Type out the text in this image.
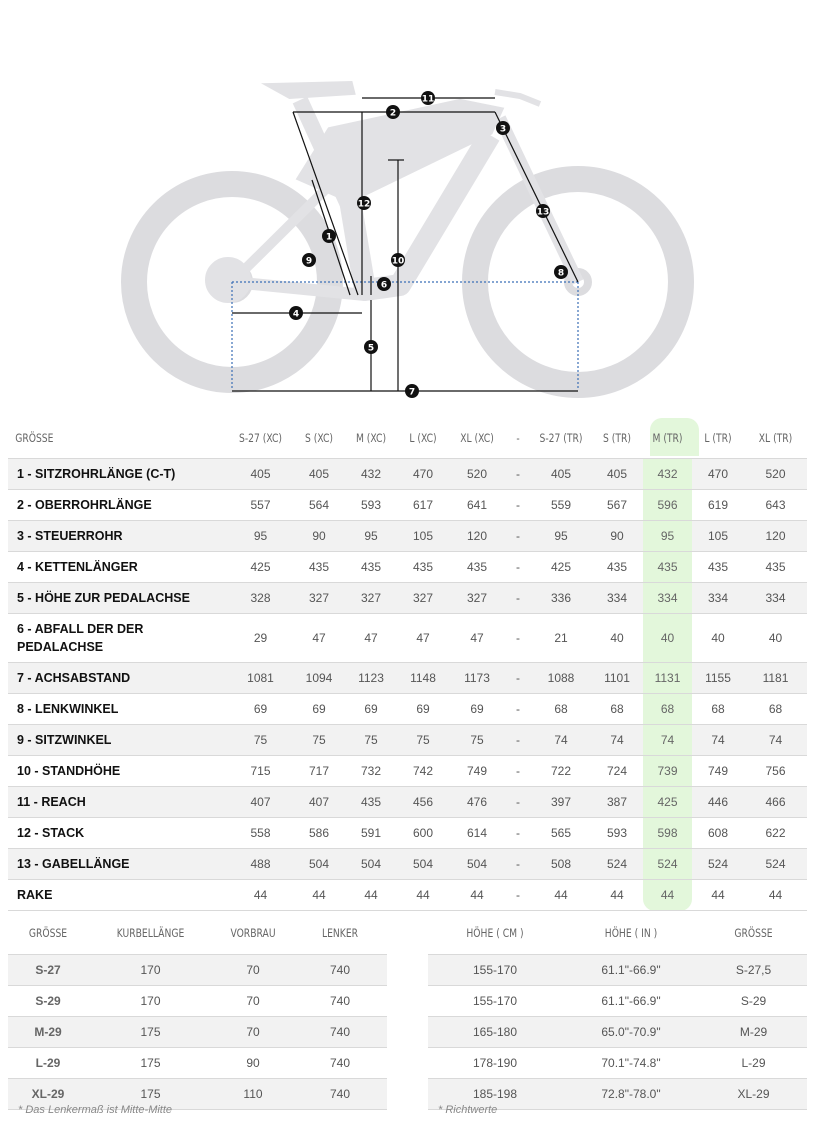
1
2
3
4
5
6
7
8
9	10
11
12
13
GRÖSSE	S-27 (XC)	S (XC)	M (XC)	L (XC)	XL (XC)	-	S-27 (TR)	S (TR)	M (TR)	L (TR)	XL (TR)
1 - SITZROHRLÄNGE (C-T)	405	405	432	470	520	-	405	405	432	470	520
2 - OBERROHRLÄNGE	557	564	593	617	641	-	559	567	596	619	643
3 - STEUERROHR	95	90	95	105	120	-	95	90	95	105	120
4 - KETTENLÄNGER	425	435	435	435	435	-	425	435	435	435	435
5 - HÖHE ZUR PEDALACHSE	328	327	327	327	327	-	336	334	334	334	334
6 - ABFALL DER DER PEDALACHSE	29	47	47	47	47	-	21	40	40	40	40
7 - ACHSABSTAND	1081	1094	1123	1148	1173	-	1088	1101	1131	1155	1181
8 - LENKWINKEL	69	69	69	69	69	-	68	68	68	68	68
9 - SITZWINKEL	75	75	75	75	75	-	74	74	74	74	74
10 - STANDHÖHE	715	717	732	742	749	-	722	724	739	749	756
11 - REACH	407	407	435	456	476	-	397	387	425	446	466
12 - STACK	558	586	591	600	614	-	565	593	598	608	622
13 - GABELLÄNGE	488	504	504	504	504	-	508	524	524	524	524
RAKE	44	44	44	44	44	-	44	44	44	44	44
GRÖSSE	KURBELLÄNGE	VORBRAU	LENKER
S-27	170	70	740
S-29	170	70	740
M-29	175	70	740
L-29	175	90	740
XL-29	175	110	740
HÖHE ( CM )	HÖHE ( IN )	GRÖSSE
155-170	61.1"-66.9"	S-27,5
155-170	61.1"-66.9"	S-29
165-180	65.0"-70.9"	M-29
178-190	70.1"-74.8"	L-29
185-198	72.8"-78.0"	XL-29
* Das Lenkermaß ist Mitte-Mitte	* Richtwerte
